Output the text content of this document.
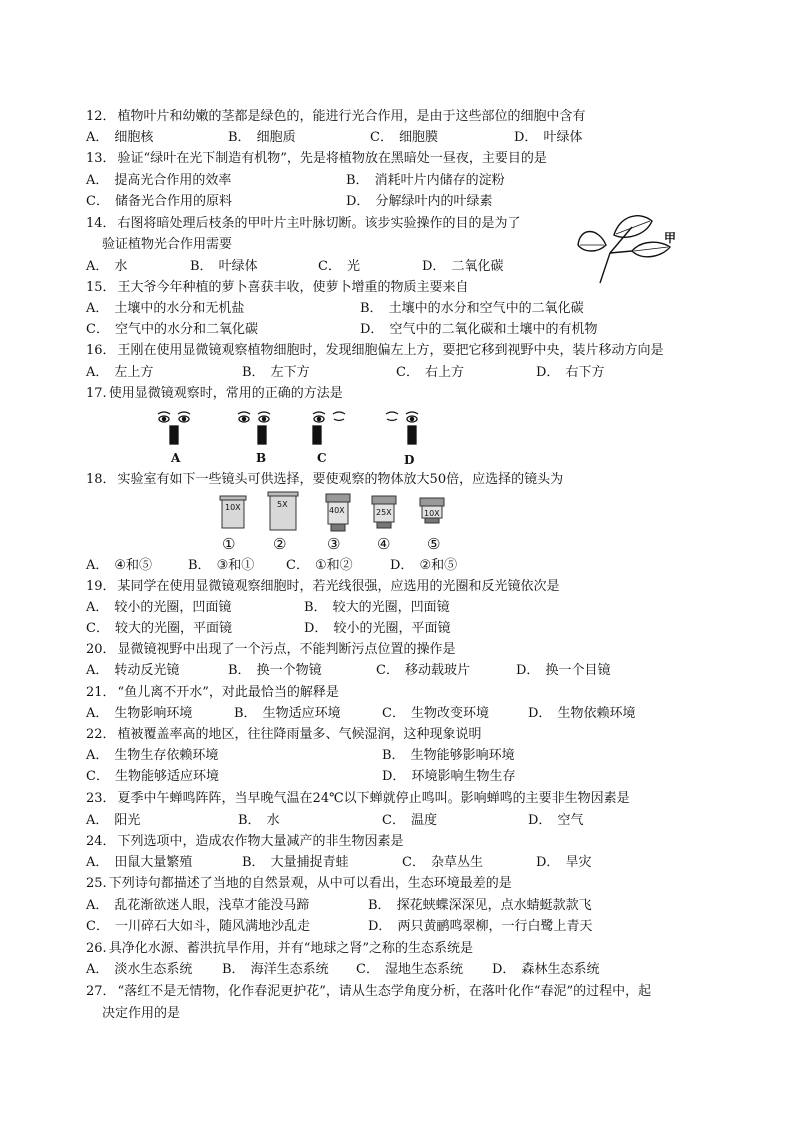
12． 植物叶片和幼嫩的茎都是绿色的，能进行光合作用，是由于这些部位的细胞中含有
A． 细胞核	B． 细胞质	C． 细胞膜	D． 叶绿体
13． 验证“绿叶在光下制造有机物”，先是将植物放在黑暗处一昼夜，主要目的是
A． 提高光合作用的效率	B． 消耗叶片内储存的淀粉
C． 储备光合作用的原料	D． 分解绿叶内的叶绿素
14． 右图将暗处理后枝条的甲叶片主叶脉切断。该步实验操作的目的是为了
验证植物光合作用需要
A． 水	B． 叶绿体	C． 光	D． 二氧化碳
甲
15． 王大爷今年种植的萝卜喜获丰收，使萝卜增重的物质主要来自
A． 土壤中的水分和无机盐	B． 土壤中的水分和空气中的二氧化碳
C． 空气中的水分和二氧化碳	D． 空气中的二氧化碳和土壤中的有机物
16． 王刚在使用显微镜观察植物细胞时，发现细胞偏左上方，要把它移到视野中央，装片移动方向是
A． 左上方	B． 左下方	C． 右上方	D． 右下方
17. 使用显微镜观察时，常用的正确的方法是
A	B	C	D
18． 实验室有如下一些镜头可供选择，要使观察的物体放大50倍，应选择的镜头为
10X	5X
40X	25X	10X
①	②	③ ④ ⑤
A． ④和⑤	B． ③和① C． ①和②	D． ②和⑤
19． 某同学在使用显微镜观察细胞时，若光线很强，应选用的光圈和反光镜依次是
A． 较小的光圈，凹面镜	B． 较大的光圈，凹面镜
C． 较大的光圈，平面镜	D． 较小的光圈，平面镜
20． 显微镜视野中出现了一个污点，不能判断污点位置的操作是
A． 转动反光镜	B． 换一个物镜	C． 移动载玻片	D． 换一个目镜
21． “鱼儿离不开水”，对此最恰当的解释是
A． 生物影响环境	B． 生物适应环境	C． 生物改变环境	D． 生物依赖环境
22． 植被覆盖率高的地区，往往降雨量多、气候湿润，这种现象说明
A． 生物生存依赖环境	B． 生物能够影响环境
C． 生物能够适应环境	D． 环境影响生物生存
23． 夏季中午蝉鸣阵阵，当早晚气温在24℃以下蝉就停止鸣叫。影响蝉鸣的主要非生物因素是
A． 阳光	B． 水	C． 温度	D． 空气
24． 下列选项中，造成农作物大量减产的非生物因素是
A． 田鼠大量繁殖	B． 大量捕捉青蛙	C． 杂草丛生	D． 旱灾
25. 下列诗句都描述了当地的自然景观，从中可以看出，生态环境最差的是
A． 乱花渐欲迷人眼，浅草才能没马蹄	B． 探花蛱蝶深深见，点水蜻蜓款款飞
C． 一川碎石大如斗，随风满地沙乱走	D． 两只黄鹂鸣翠柳，一行白鹭上青天
26. 具净化水源、蓄洪抗旱作用，并有“地球之肾”之称的生态系统是
A． 淡水生态系统 B． 海洋生态系统 C． 湿地生态系统 D． 森林生态系统
27． “落红不是无情物，化作春泥更护花”，请从生态学角度分析，在落叶化作“春泥”的过程中，起
决定作用的是
